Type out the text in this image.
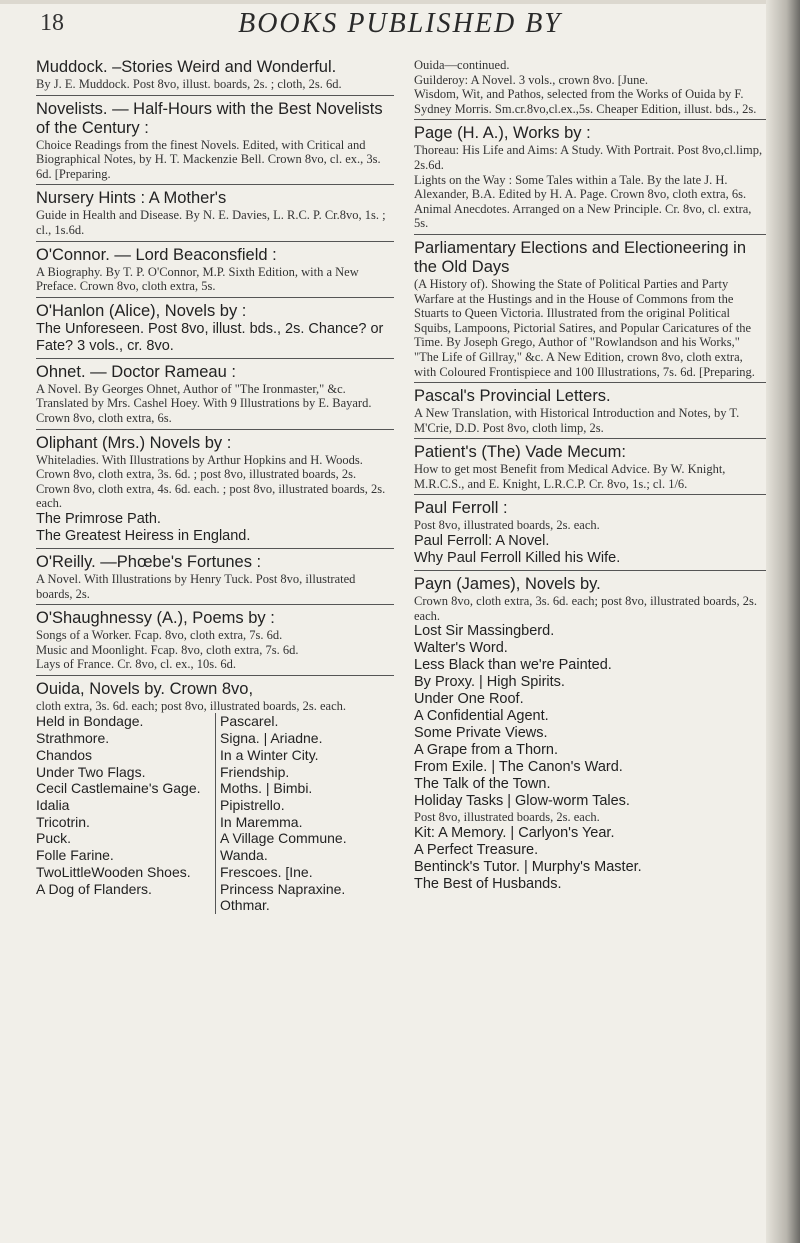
18	BOOKS PUBLISHED BY
Muddock. –Stories Weird and Wonderful.
By J. E. Muddock. Post 8vo, illust. boards, 2s. ; cloth, 2s. 6d.
Novelists. — Half-Hours with the Best Novelists of the Century :
Choice Readings from the finest Novels. Edited, with Critical and Biographical Notes, by H. T. Mackenzie Bell. Crown 8vo, cl. ex., 3s. 6d. [Preparing.
Nursery Hints : A Mother's
Guide in Health and Disease. By N. E. Davies, L. R.C. P. Cr.8vo, 1s. ; cl., 1s.6d.
O'Connor. — Lord Beaconsfield :
A Biography. By T. P. O'Connor, M.P. Sixth Edition, with a New Preface. Crown 8vo, cloth extra, 5s.
O'Hanlon (Alice), Novels by :
The Unforeseen. Post 8vo, illust. bds., 2s. Chance? or Fate? 3 vols., cr. 8vo.
Ohnet. — Doctor Rameau :
A Novel. By Georges Ohnet, Author of "The Ironmaster," &c. Translated by Mrs. Cashel Hoey. With 9 Illustrations by E. Bayard. Crown 8vo, cloth extra, 6s.
Oliphant (Mrs.) Novels by :
Whiteladies. With Illustrations by Arthur Hopkins and H. Woods. Crown 8vo, cloth extra, 3s. 6d. ; post 8vo, illustrated boards, 2s.
Crown 8vo, cloth extra, 4s. 6d. each. ; post 8vo, illustrated boards, 2s. each.
The Primrose Path.
The Greatest Heiress in England.
O'Reilly. —Phœbe's Fortunes :
A Novel. With Illustrations by Henry Tuck. Post 8vo, illustrated boards, 2s.
O'Shaughnessy (A.), Poems by :
Songs of a Worker. Fcap. 8vo, cloth extra, 7s. 6d.
Music and Moonlight. Fcap. 8vo, cloth extra, 7s. 6d.
Lays of France. Cr. 8vo, cl. ex., 10s. 6d.
Ouida, Novels by. Crown 8vo,
cloth extra, 3s. 6d. each; post 8vo, illustrated boards, 2s. each.
Held in Bondage.
Strathmore.
Chandos
Under Two Flags.
Cecil Castlemaine's Gage.
Idalia
Tricotrin.
Puck.
Folle Farine.
TwoLittleWooden Shoes.
A Dog of Flanders.
Pascarel.
Signa. | Ariadne.
In a Winter City.
Friendship.
Moths. | Bimbi.
Pipistrello.
In Maremma.
A Village Commune.
Wanda.
Frescoes. [Ine.
Princess Napraxine.
Othmar.
Ouida—continued.
Guilderoy: A Novel. 3 vols., crown 8vo. [June.
Wisdom, Wit, and Pathos, selected from the Works of Ouida by F. Sydney Morris. Sm.cr.8vo,cl.ex.,5s. Cheaper Edition, illust. bds., 2s.
Page (H. A.), Works by :
Thoreau: His Life and Aims: A Study. With Portrait. Post 8vo,cl.limp, 2s.6d.
Lights on the Way : Some Tales within a Tale. By the late J. H. Alexander, B.A. Edited by H. A. Page. Crown 8vo, cloth extra, 6s.
Animal Anecdotes. Arranged on a New Principle. Cr. 8vo, cl. extra, 5s.
Parliamentary Elections and Electioneering in the Old Days
(A History of). Showing the State of Political Parties and Party Warfare at the Hustings and in the House of Commons from the Stuarts to Queen Victoria. Illustrated from the original Political Squibs, Lampoons, Pictorial Satires, and Popular Caricatures of the Time. By Joseph Grego, Author of "Rowlandson and his Works," "The Life of Gillray," &c. A New Edition, crown 8vo, cloth extra, with Coloured Frontispiece and 100 Illustrations, 7s. 6d. [Preparing.
Pascal's Provincial Letters.
A New Translation, with Historical Introduction and Notes, by T. M'Crie, D.D. Post 8vo, cloth limp, 2s.
Patient's (The) Vade Mecum:
How to get most Benefit from Medical Advice. By W. Knight, M.R.C.S., and E. Knight, L.R.C.P. Cr. 8vo, 1s.; cl. 1/6.
Paul Ferroll :
Post 8vo, illustrated boards, 2s. each.
Paul Ferroll: A Novel.
Why Paul Ferroll Killed his Wife.
Payn (James), Novels by.
Crown 8vo, cloth extra, 3s. 6d. each; post 8vo, illustrated boards, 2s. each.
Lost Sir Massingberd.
Walter's Word.
Less Black than we're Painted.
By Proxy. | High Spirits.
Under One Roof.
A Confidential Agent.
Some Private Views.
A Grape from a Thorn.
From Exile. | The Canon's Ward.
The Talk of the Town.
Holiday Tasks | Glow-worm Tales.
Post 8vo, illustrated boards, 2s. each.
Kit: A Memory. | Carlyon's Year.
A Perfect Treasure.
Bentinck's Tutor. | Murphy's Master.
The Best of Husbands.
